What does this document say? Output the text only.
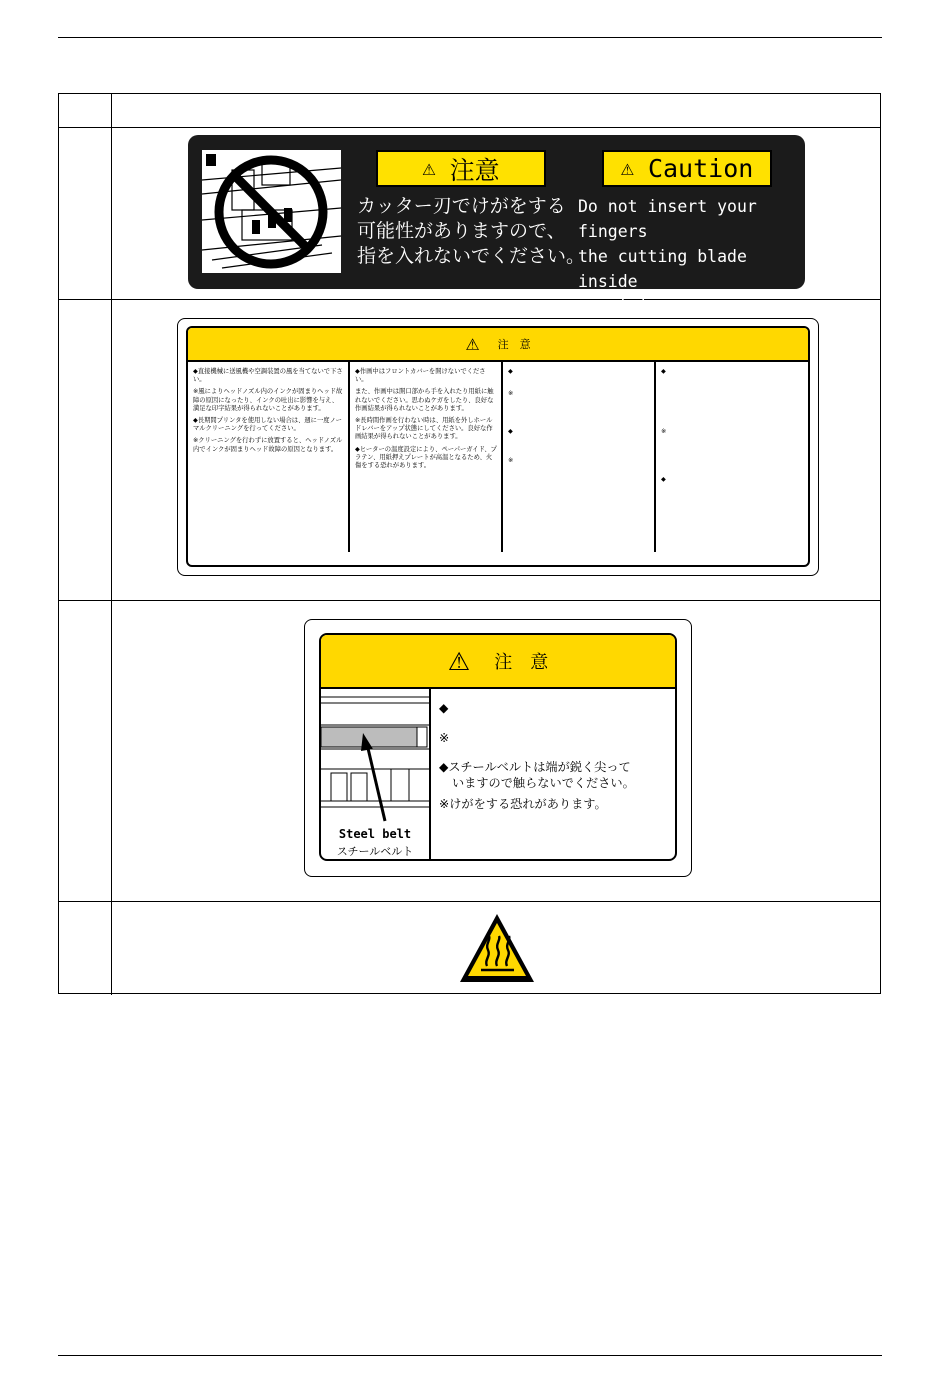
⚠ 注意	⚠ Caution
カッター刃でけがをする
可能性がありますので、
指を入れないでください。
Do not insert your fingers
the cutting blade inside
may injure your
⚠ 注　意

◆直接機械に送風機や空調装置の風を当てないで下さい。

※風によりヘッドノズル内のインクが固まりヘッド故障の原因になったり、インクの吐出に影響を与え、満足な印字結果が得られないことがあります。

◆長期間プリンタを使用しない場合は、週に一度ノーマルクリーニングを行ってください。

※クリーニングを行わずに放置すると、ヘッドノズル内でインクが固まりヘッド故障の原因となります。

◆作画中はフロントカバーを開けないでください。

また、作画中は開口部から手を入れたり用紙に触れないでください。思わぬケガをしたり、良好な作画結果が得られないことがあります。

※長時間作画を行わない時は、用紙を外しホールドレバーをアップ状態にしてください。良好な作画結果が得られないことがあります。

◆ヒーターの温度設定により、ペーパーガイド、プラテン、用紙押えプレートが高温となるため、火傷をする恐れがあります。

◆

※

◆

※

◆

※

◆

⚠ 注　意
Steel belt
スチールベルト

◆

※

◆スチールベルトは端が鋭く尖って
いますので触らないでください。

※けがをする恐れがあります。
